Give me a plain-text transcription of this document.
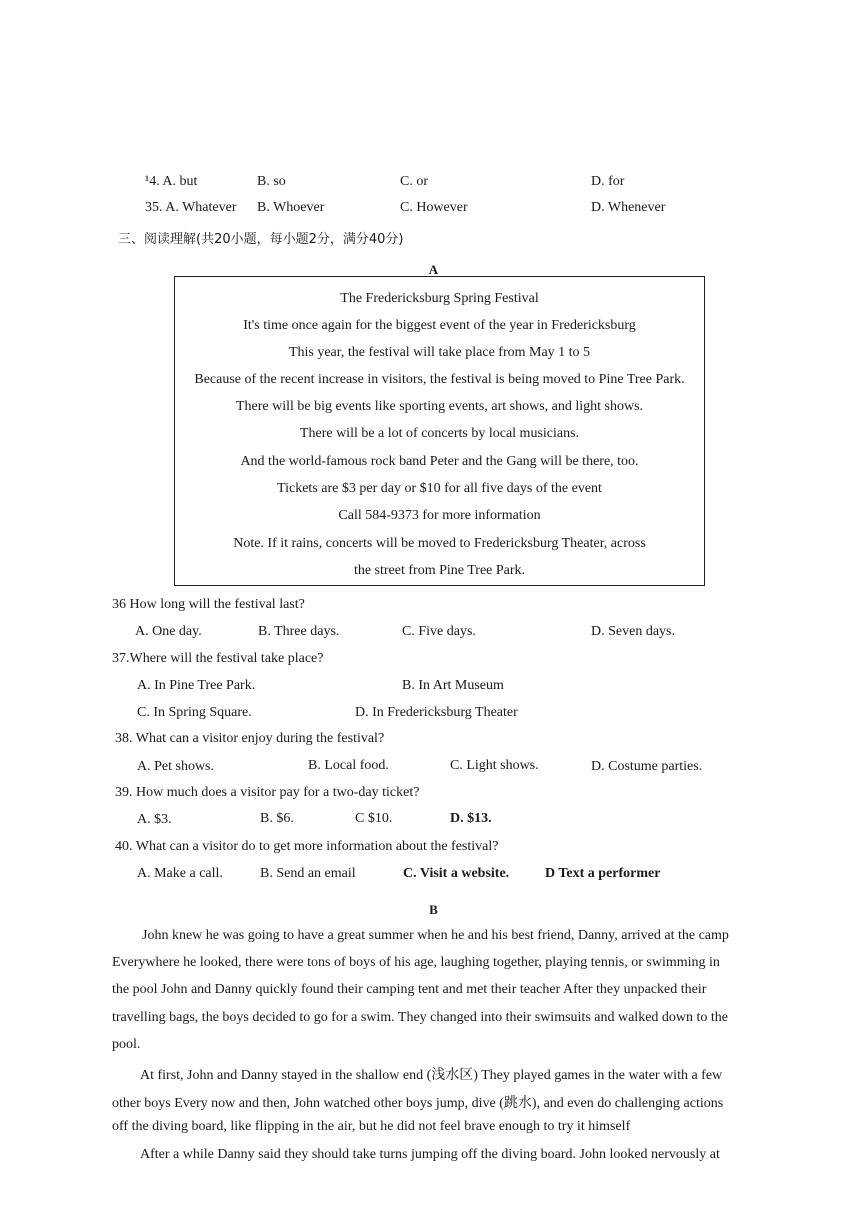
¹4. A. but	B. so	C. or	D. for
35. A. Whatever B. Whoever	C. However	D. Whenever
三、阅读理解(共20小题，每小题2分，满分40分)
A
The Fredericksburg Spring Festival
It's time once again for the biggest event of the year in Fredericksburg
This year, the festival will take place from May 1 to 5
Because of the recent increase in visitors, the festival is being moved to Pine Tree Park.
There will be big events like sporting events, art shows, and light shows.
There will be a lot of concerts by local musicians.
And the world-famous rock band Peter and the Gang will be there, too.
Tickets are $3 per day or $10 for all five days of the event
Call 584-9373 for more information
Note. If it rains, concerts will be moved to Fredericksburg Theater, across
the street from Pine Tree Park.
36 How long will the festival last?
A. One day.	B. Three days.	C. Five days.	D. Seven days.
37.Where will the festival take place?
A. In Pine Tree Park.	B. In Art Museum
C. In Spring Square.	D. In Fredericksburg Theater
38. What can a visitor enjoy during the festival?
A. Pet shows.	B. Local food.	C. Light shows.	D. Costume parties.
39. How much does a visitor pay for a two-day ticket?
A. $3.	B. $6.	C $10.	D. $13.
40. What can a visitor do to get more information about the festival?
A. Make a call.	B. Send an email	C. Visit a website.	D Text a performer
B
John knew he was going to have a great summer when he and his best friend, Danny, arrived at the camp
Everywhere he looked, there were tons of boys of his age, laughing together, playing tennis, or swimming in
the pool John and Danny quickly found their camping tent and met their teacher After they unpacked their
travelling bags, the boys decided to go for a swim. They changed into their swimsuits and walked down to the
pool.
At first, John and Danny stayed in the shallow end (浅水区) They played games in the water with a few
other boys Every now and then, John watched other boys jump, dive (跳水), and even do challenging actions
off the diving board, like flipping in the air, but he did not feel brave enough to try it himself
After a while Danny said they should take turns jumping off the diving board. John looked nervously at
